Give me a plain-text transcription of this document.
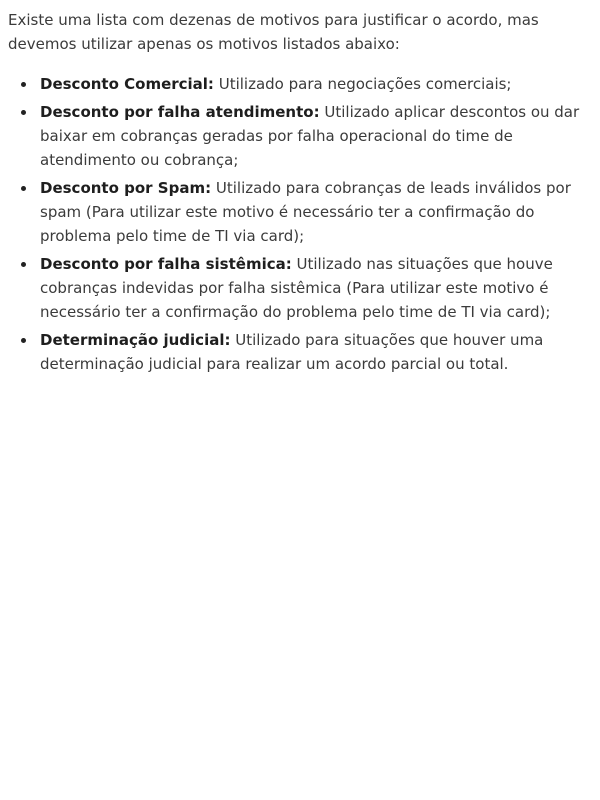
Existe uma lista com dezenas de motivos para justificar o acordo, mas devemos utilizar apenas os motivos listados abaixo:

Desconto Comercial: Utilizado para negociações comerciais;
Desconto por falha atendimento: Utilizado aplicar descontos ou dar baixar em cobranças geradas por falha operacional do time de atendimento ou cobrança;
Desconto por Spam: Utilizado para cobranças de leads inválidos por spam (Para utilizar este motivo é necessário ter a confirmação do problema pelo time de TI via card);
Desconto por falha sistêmica: Utilizado nas situações que houve cobranças indevidas por falha sistêmica (Para utilizar este motivo é necessário ter a confirmação do problema pelo time de TI via card);
Determinação judicial: Utilizado para situações que houver uma determinação judicial para realizar um acordo parcial ou total.
